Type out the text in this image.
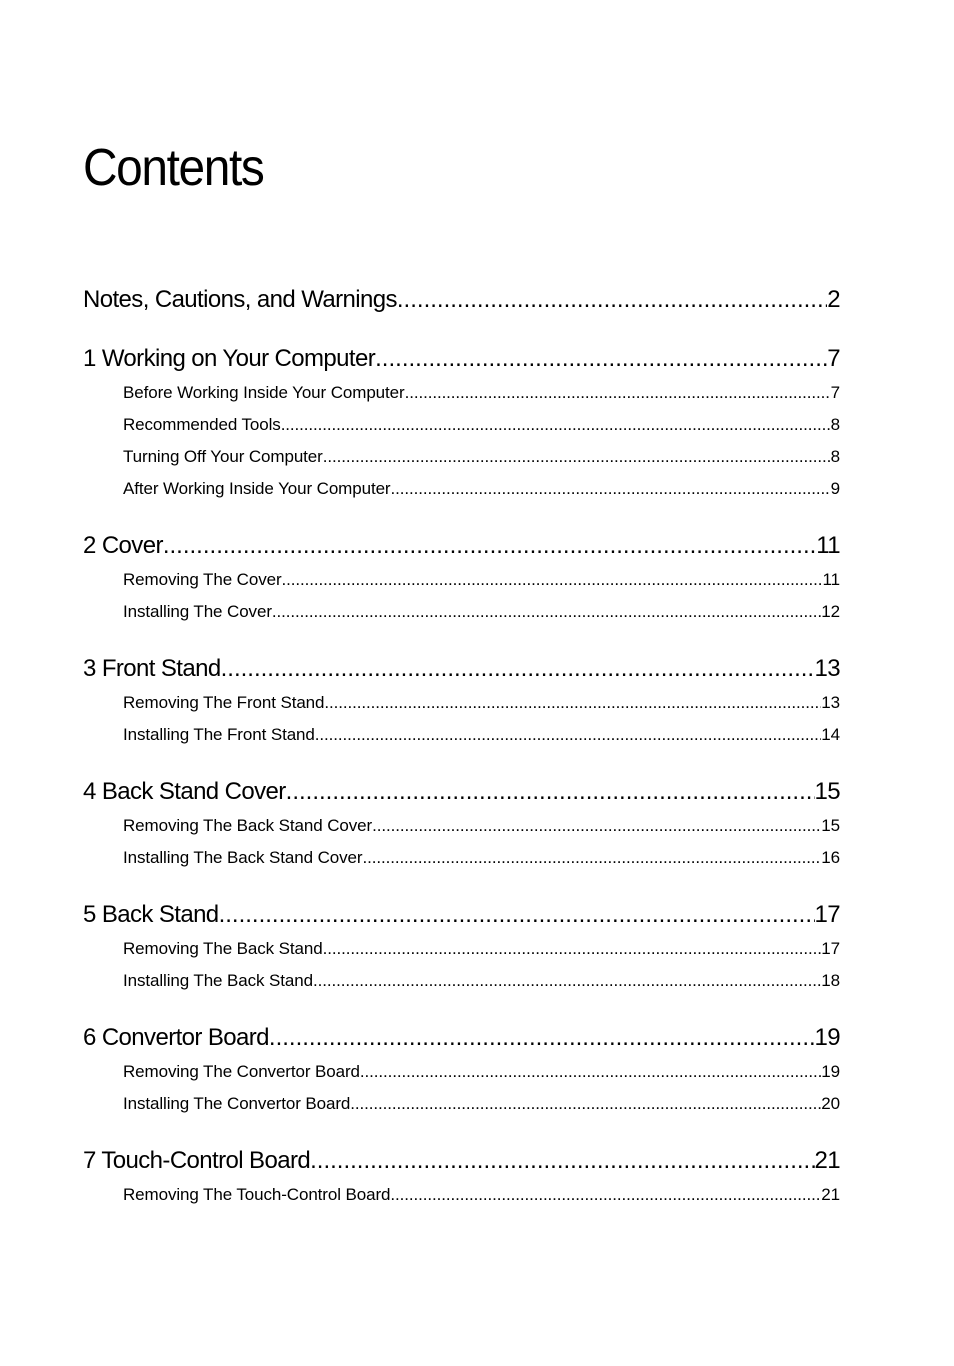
Contents
Notes, Cautions, and Warnings .....	2
1 Working on Your Computer .....	7
Before Working Inside Your Computer .....	7
Recommended Tools .....	8
Turning Off Your Computer .....	8
After Working Inside Your Computer .....	9
2 Cover .....	11
Removing The Cover .....	11
Installing The Cover .....	12
3 Front Stand .....	13
Removing The Front Stand .....	13
Installing The Front Stand .....	14
4 Back Stand Cover .....	15
Removing The Back Stand Cover .....	15
Installing The Back Stand Cover .....	16
5 Back Stand .....	17
Removing The Back Stand .....	17
Installing The Back Stand .....	18
6 Convertor Board .....	19
Removing The Convertor Board .....	19
Installing The Convertor Board .....	20
7 Touch-Control Board .....	21
Removing The Touch-Control Board .....	21
